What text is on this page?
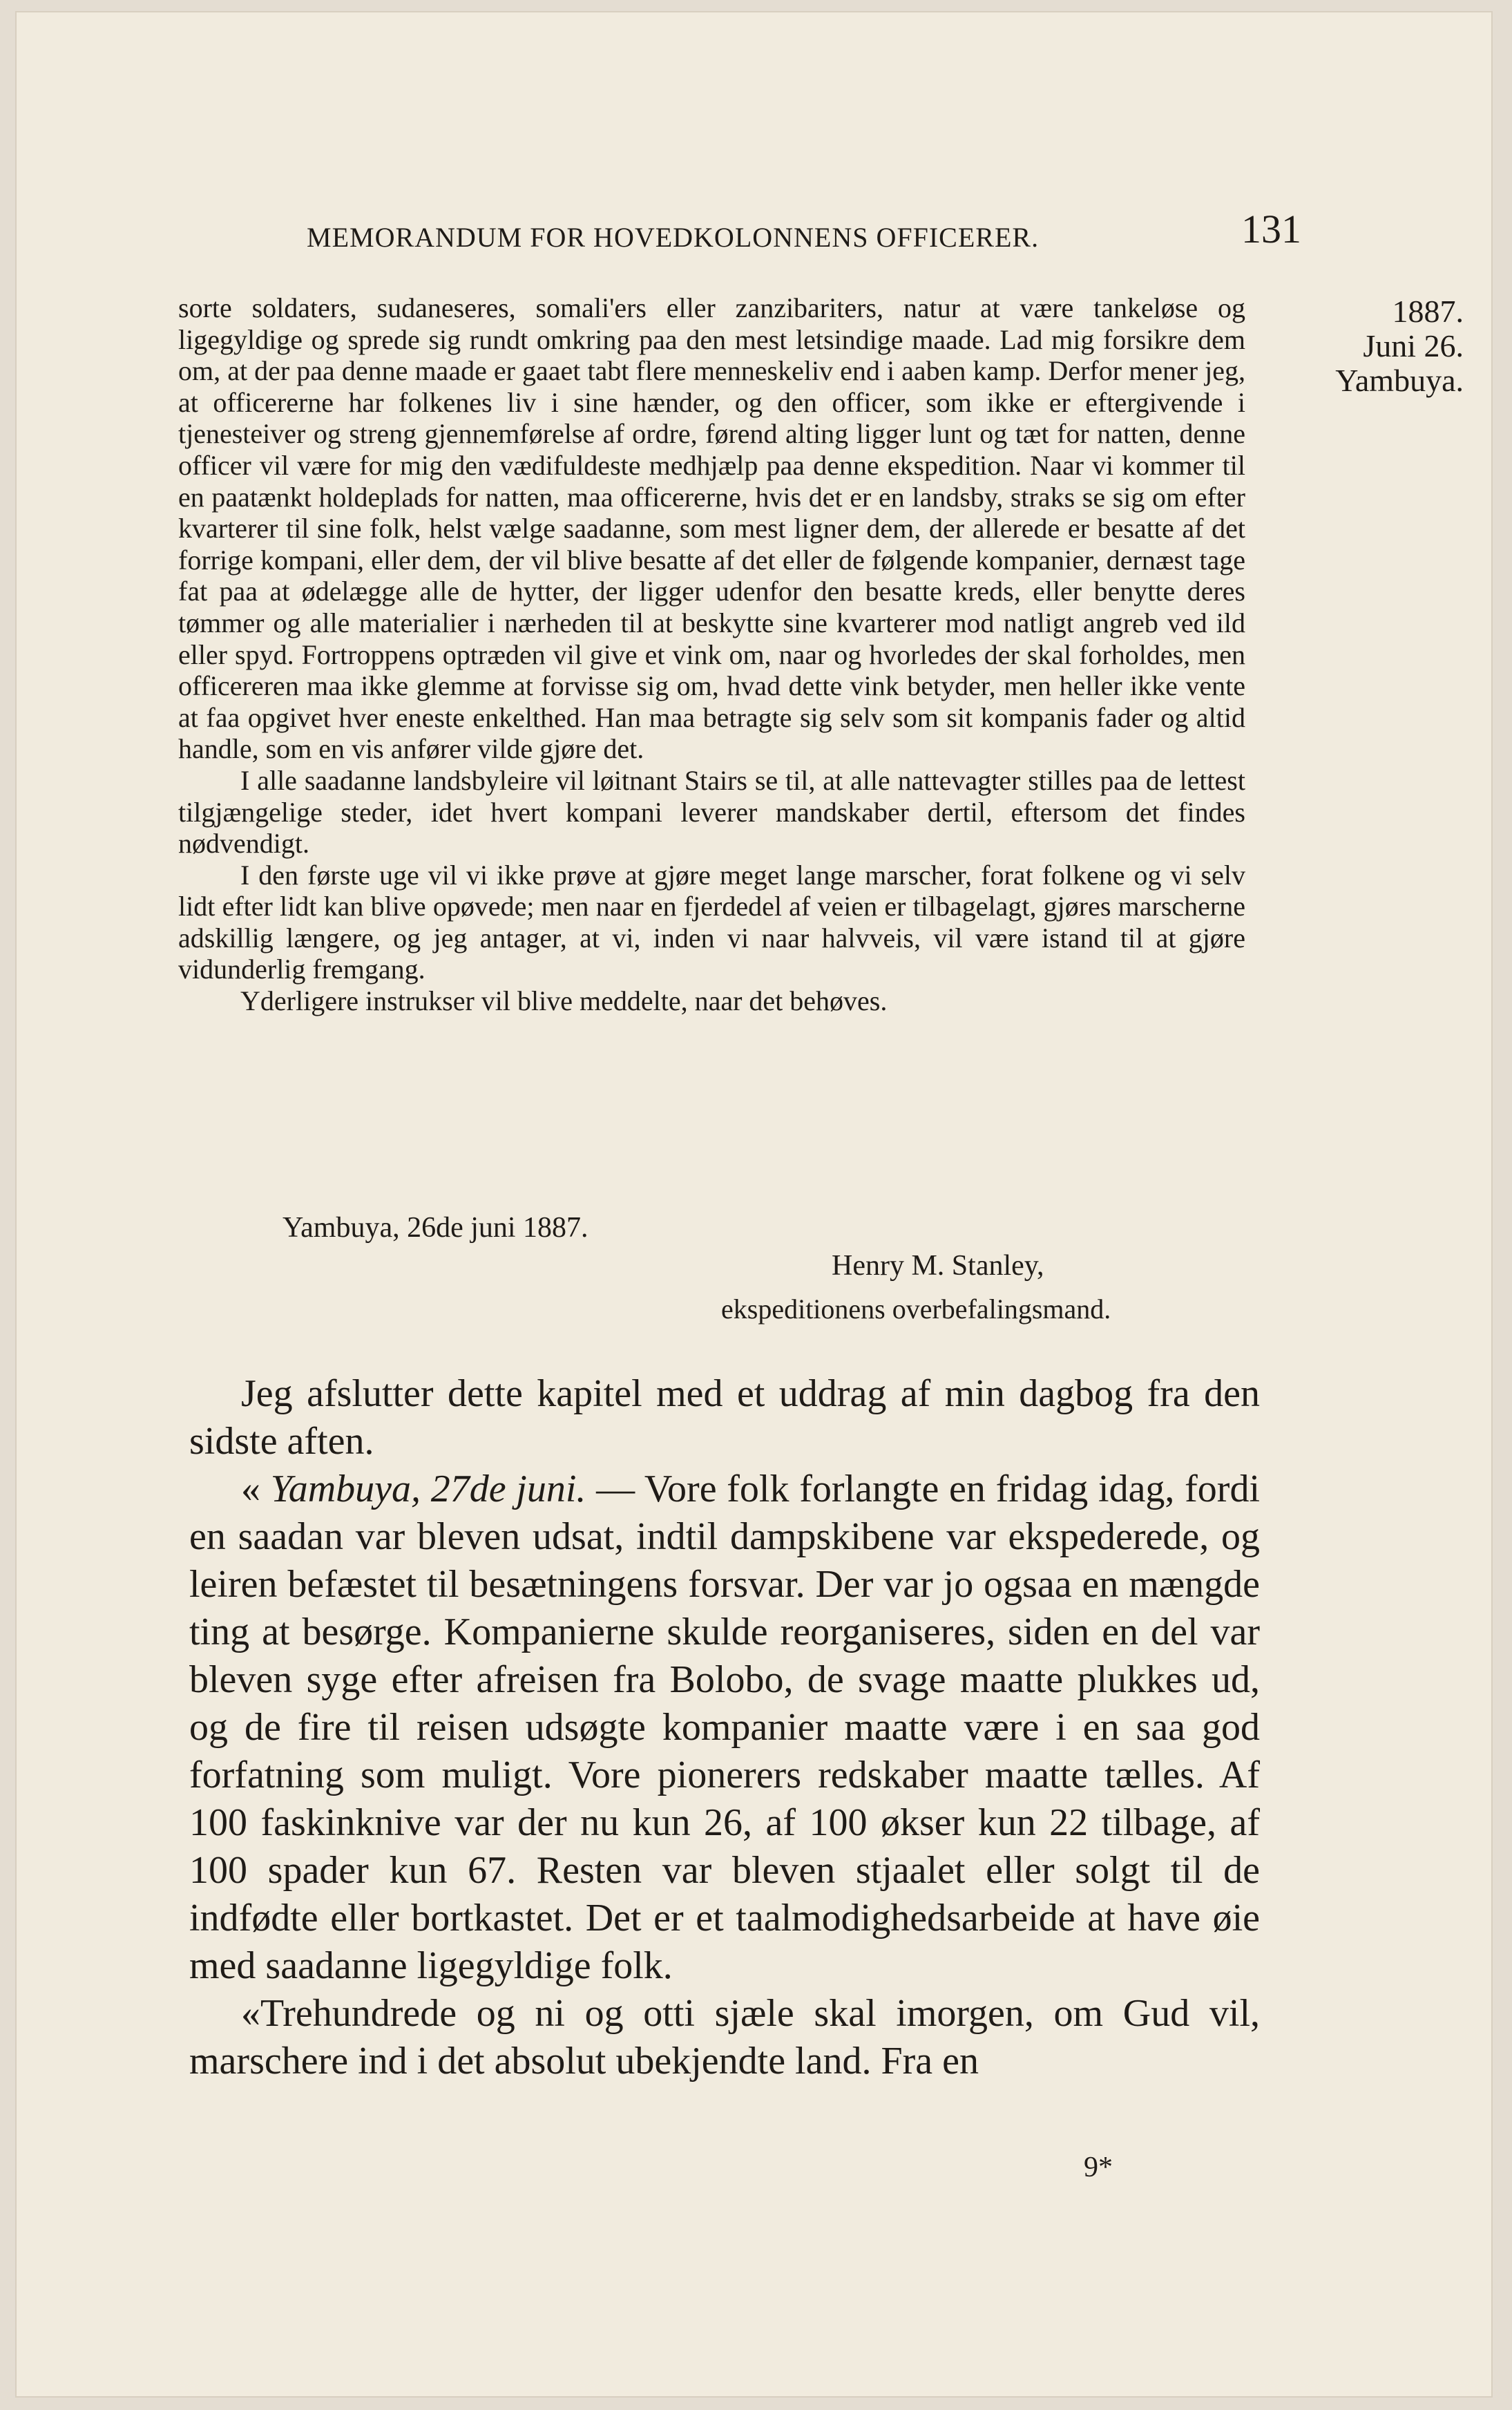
MEMORANDUM FOR HOVEDKOLONNENS OFFICERER.	131
1887.
Juni 26.
Yambuya.

sorte soldaters, sudaneseres, somali'ers eller zanzibariters, natur at være tankeløse og ligegyldige og sprede sig rundt omkring paa den mest letsindige maade. Lad mig forsikre dem om, at der paa denne maade er gaaet tabt flere menneskeliv end i aaben kamp. Derfor mener jeg, at officererne har folkenes liv i sine hænder, og den officer, som ikke er eftergivende i tjenesteiver og streng gjennemførelse af ordre, førend alting ligger lunt og tæt for natten, denne officer vil være for mig den vædifuldeste medhjælp paa denne ekspedition. Naar vi kommer til en paatænkt holdeplads for natten, maa officererne, hvis det er en landsby, straks se sig om efter kvarterer til sine folk, helst vælge saadanne, som mest ligner dem, der allerede er besatte af det forrige kompani, eller dem, der vil blive besatte af det eller de følgende kompanier, dernæst tage fat paa at ødelægge alle de hytter, der ligger udenfor den besatte kreds, eller benytte deres tømmer og alle materialier i nærheden til at beskytte sine kvarterer mod natligt angreb ved ild eller spyd. Fortroppens optræden vil give et vink om, naar og hvorledes der skal forholdes, men officereren maa ikke glemme at forvisse sig om, hvad dette vink betyder, men heller ikke vente at faa opgivet hver eneste enkelthed. Han maa betragte sig selv som sit kompanis fader og altid handle, som en vis anfører vilde gjøre det.

I alle saadanne landsbyleire vil løitnant Stairs se til, at alle nattevagter stilles paa de lettest tilgjængelige steder, idet hvert kompani leverer mandskaber dertil, eftersom det findes nødvendigt.

I den første uge vil vi ikke prøve at gjøre meget lange marscher, forat folkene og vi selv lidt efter lidt kan blive opøvede; men naar en fjerdedel af veien er tilbagelagt, gjøres marscherne adskillig længere, og jeg antager, at vi, inden vi naar halvveis, vil være istand til at gjøre vidunderlig fremgang.

Yderligere instrukser vil blive meddelte, naar det behøves.

Yambuya, 26de juni 1887.
Henry M. Stanley,
ekspeditionens overbefalingsmand.

Jeg afslutter dette kapitel med et uddrag af min dagbog fra den sidste aften.

« Yambuya, 27de juni. — Vore folk forlangte en fridag idag, fordi en saadan var bleven udsat, indtil dampskibene var ekspederede, og leiren befæstet til besætningens forsvar. Der var jo ogsaa en mængde ting at besørge. Kompanierne skulde reorganiseres, siden en del var bleven syge efter afreisen fra Bolobo, de svage maatte plukkes ud, og de fire til reisen udsøgte kompanier maatte være i en saa god forfatning som muligt. Vore pionerers redskaber maatte tælles. Af 100 faskinknive var der nu kun 26, af 100 økser kun 22 tilbage, af 100 spader kun 67. Resten var bleven stjaalet eller solgt til de indfødte eller bortkastet. Det er et taalmodighedsarbeide at have øie med saadanne ligegyldige folk.

«Trehundrede og ni og otti sjæle skal imorgen, om Gud vil, marschere ind i det absolut ubekjendte land. Fra en

9*
